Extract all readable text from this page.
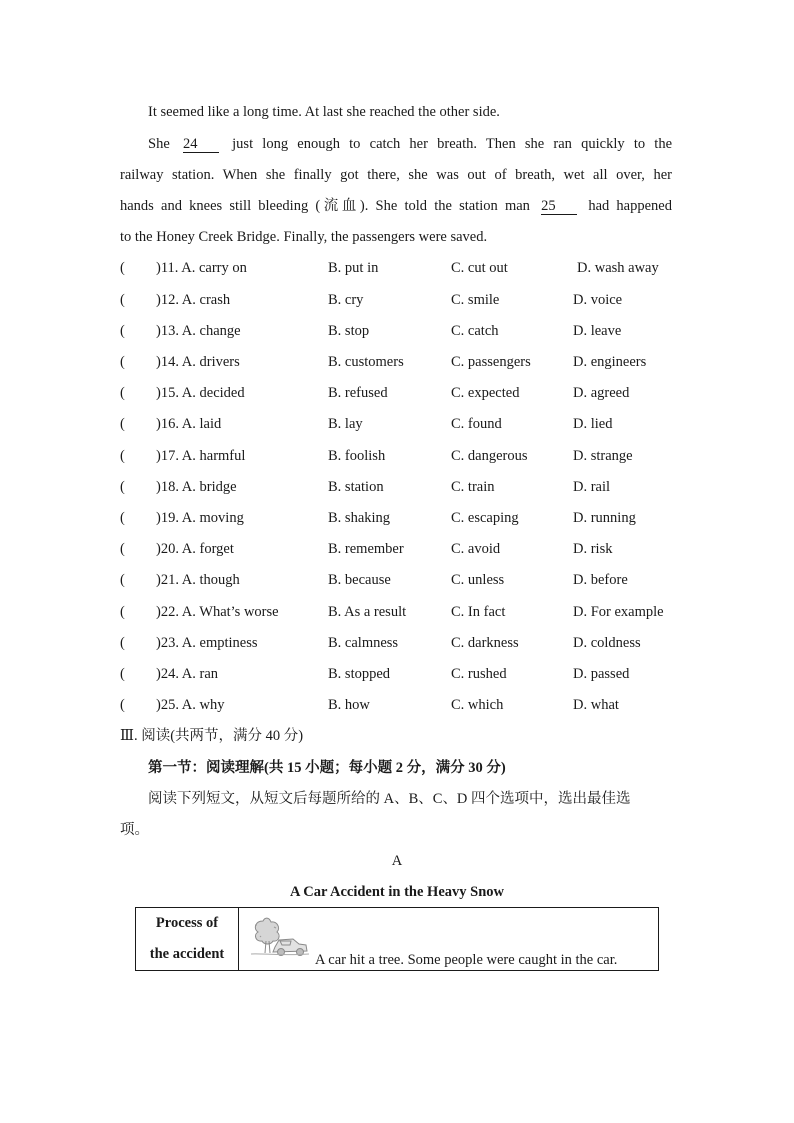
It seemed like a long time. At last she reached the other side.
She 24 just long enough to catch her breath. Then she ran quickly to the
railway station. When she finally got there, she was out of breath, wet all over, her
hands and knees still bleeding (流血). She told the station man 25 had happened
to the Honey Creek Bridge. Finally, the passengers were saved.
( )11. A. carry on	B. put in	C. cut out	D. wash away
( )12. A. crash	B. cry	C. smile	D. voice
( )13. A. change	B. stop	C. catch	D. leave
( )14. A. drivers	B. customers	C. passengers	D. engineers
( )15. A. decided	B. refused	C. expected	D. agreed
( )16. A. laid	B. lay	C. found	D. lied
( )17. A. harmful	B. foolish	C. dangerous	D. strange
( )18. A. bridge	B. station	C. train	D. rail
( )19. A. moving	B. shaking	C. escaping	D. running
( )20. A. forget	B. remember	C. avoid	D. risk
( )21. A. though	B. because	C. unless	D. before
( )22. A. What’s worse	B. As a result	C. In fact	D. For example
( )23. A. emptiness	B. calmness	C. darkness	D. coldness
( )24. A. ran	B. stopped	C. rushed	D. passed
( )25. A. why	B. how	C. which	D. what
Ⅲ. 阅读(共两节，满分 40 分)
第一节：阅读理解(共 15 小题；每小题 2 分，满分 30 分)
阅读下列短文，从短文后每题所给的 A、B、C、D 四个选项中，选出最佳选
项。
A
A Car Accident in the Heavy Snow
Process of
the accident	A car hit a tree. Some people were caught in the car.
